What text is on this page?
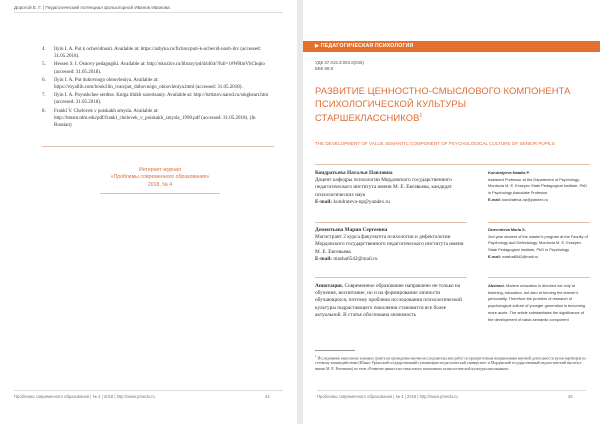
Дорогой Е. Г. | Педагогический потенциал фольклорной Иванов Иванова
4. Ilyin I. A. Put k ochevidnosti. Available at: https://azbyka.ru/fiction/puti-k-ochevid-nosti-iln/ (accessed: 31.05.2018).
5. Hessen S. I. Osnovy pedagogiki. Available at: http://nkozlov.ru/library/pd/d4464/?full=1#WRmVhChqko (accessed: 31.05.2018).
6. Ilyin I. A. Put duhovnogo obnovleniya. Available at: https://royallib.com/book/ilin_ivan/put_duhovnogo_obnovleniya.html (accessed: 31.05.2018).
7. Ilyin I. A. Poyushchee serdtse. Kniga tihikh sozertsaniy. Available at: http://lsrtistov.narod.ru/singheart.htm (accessed: 31.05.2018).
8. Frankl V. Chelovek v poiskakh smysla. Available at: http://bmsm.tdm.edu/pdf/frankl_chelovek_v_poiskakh_smysla_1990.pdf (accessed: 31.05.2018). (In Russian)
Интернет-журнал
«Проблемы современного образования»
2018, № 4
Проблемы современного образования | № 4 | 2018 | http://www.pmedu.ru	44
▶ ПЕДАГОГИЧЕСКАЯ ПСИХОЛОГИЯ
УДК 37.015.3:053.6(045)
ББК 88.8
РАЗВИТИЕ ЦЕННОСТНО-СМЫСЛОВОГО КОМПОНЕНТА ПСИХОЛОГИЧЕСКОЙ КУЛЬТУРЫ СТАРШЕКЛАССНИКОВ$^1$
THE DEVELOPMENT OF VALUE SEMANTIC COMPONENT OF PSYCHOLOGICAL CULTURE OF SENIOR PUPILS
Кондратьева Наталья Павловна
Доцент кафедры психологии Мордовского государственного педагогического института имени М. Е. Евсевьева, кандидат психологических наук
E-mail: kondrateva-np@yandex.ru
Дементьева Мария Сергеевна
Магистрант 2 курса факультета психологии и дефектологии Мордовского государственного педагогического института имени М. Е. Евсевьева
E-mail: masha6542@mail.ru
Аннотация. Современное образование направлено не только на обучение, воспитание, но и на формирование личности обучающихся, поэтому проблема исследования психологической культуры подрастающего поколения становится все более актуальной. В статье обоснована значимость
Kondratyeva Natalia P.
Assistant Professor at the Department of Psychology, Mordovia M. E. Evseyev State Pedagogical Institute, PhD in Psychology Associate Professor
E-mail: kondrateva-np@yandex.ru
Dementieva Maria S.
2nd year student of the master's program at the Faculty of Psychology and Defectology, Mordovia M. E. Evseyev State Pedagogical Institute, PhD in Psychology
E-mail: masha6542@mail.ru
Abstract. Modern education is directed not only at teaching, education, but also at forming the learner's personality. Therefore the problem of research of psychological culture of younger generation is becoming more acute. The article substantiates the significance of the development of value-semantic component
$^1$ Исследование выполнено в рамках гранта на проведение научно-исследовательских работ по приоритетным направлениям научной деятельности вузов-партнеров по сетевому взаимодействию (Южно-Уральский государственный гуманитарно-педагогический университет и Мордовский государственный педагогический институт имени М. Е. Евсевьева) по теме «Развитие ценностно-смыслового компонента психологической культуры школьников».
Проблемы современного образования | № 4 | 2018 | http://www.pmedu.ru	45
